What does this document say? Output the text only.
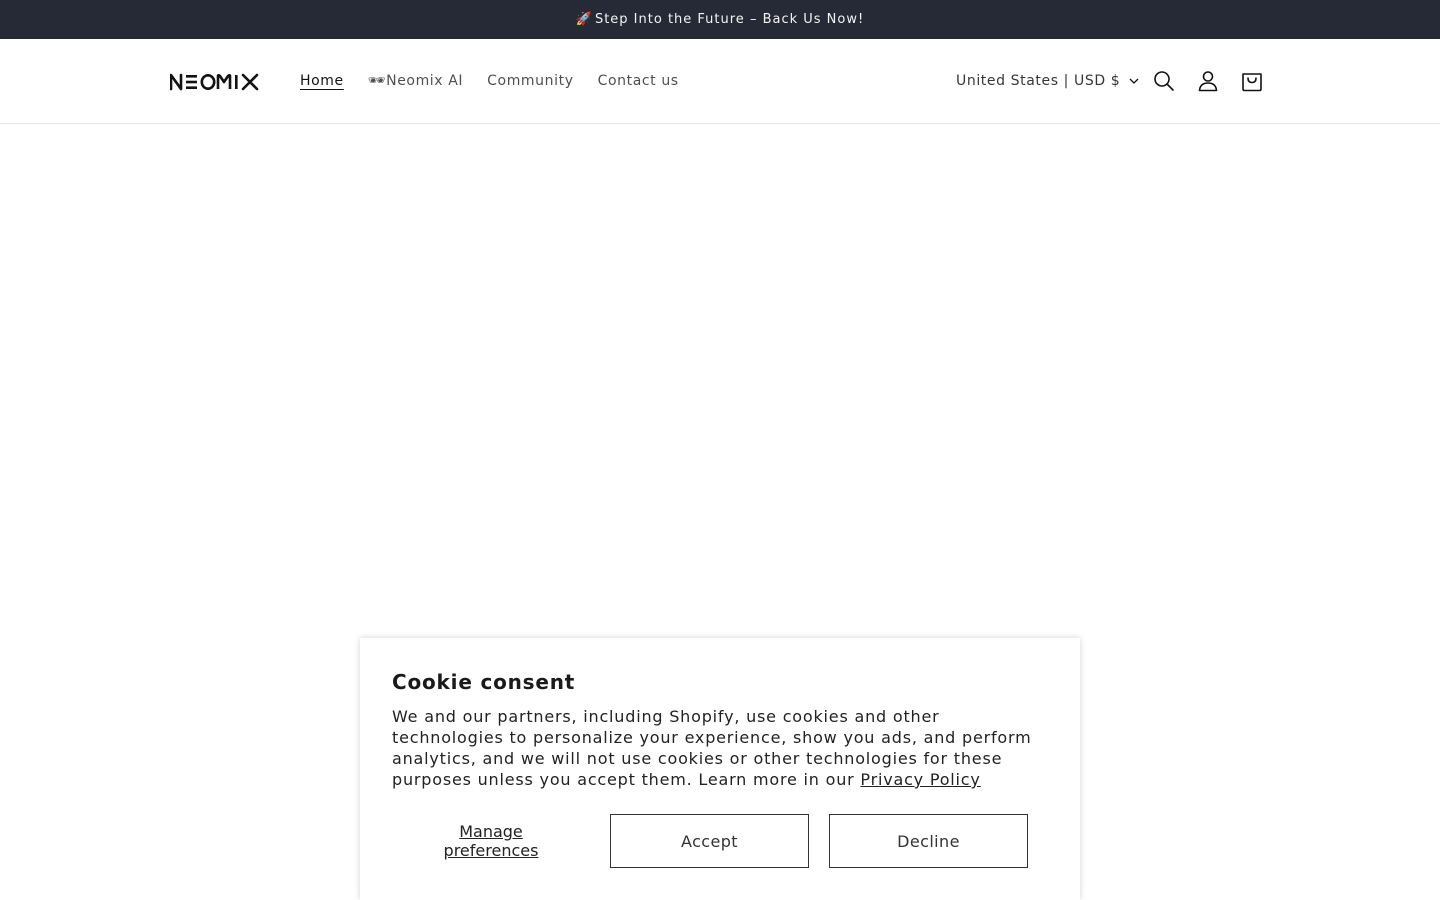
🚀 Step Into the Future – Back Us Now!
Home	🕶Neomix AI	Community	Contact us	United States | USD $
Cookie consent

We and our partners, including Shopify, use cookies and other technologies to personalize your experience, show you ads, and perform analytics, and we will not use cookies or other technologies for these purposes unless you accept them. Learn more in our Privacy Policy

Manage preferences	Accept	Decline
